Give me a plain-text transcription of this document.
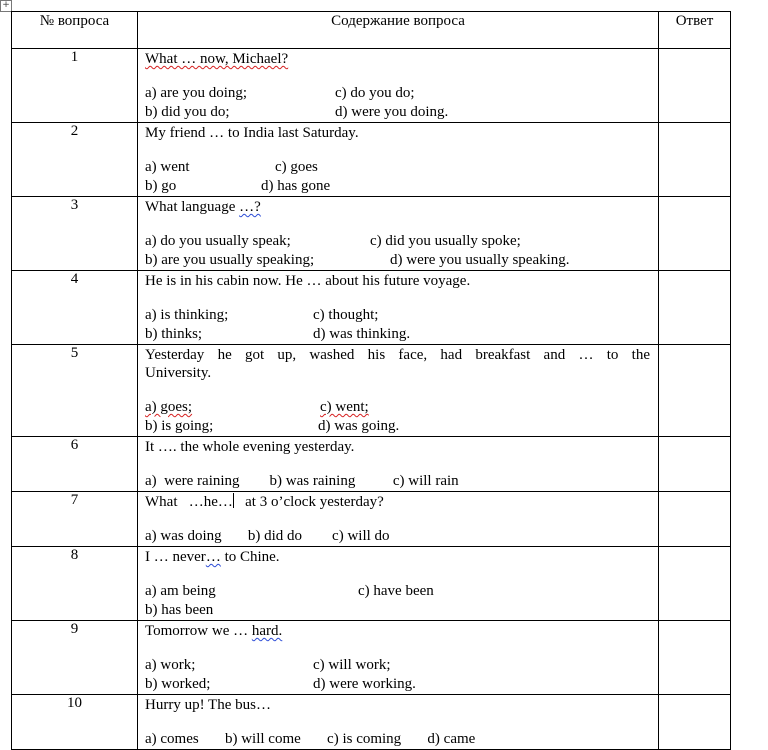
+
№ вопроса	Содержание вопроса	Ответ
1	What … now, Michael?
a) are you doing; c) do you do;
b) did you do; d) were you doing.	

2	My friend … to India last Saturday.
a) went c) goes
b) go d) has gone	

3	What language …?
a) do you usually speak; c) did you usually spoke;
b) are you usually speaking; d) were you usually speaking.	

4	He is in his cabin now. He … about his future voyage.
a) is thinking; c) thought;
b) thinks; d) was thinking.	

5	Yesterday he got up, washed his face, had breakfast and … to the
University.
a) goes; c) went;
b) is going; d) was going.	

6	It …. the whole evening yesterday.
a)  were raining        b) was raining          c) will rain	

7	What   …he…   at 3 o’clock yesterday?
a) was doing       b) did do        c) will do	

8	I … never… to Chine.
a) am being c) have been
b) has been	

9	Tomorrow we … hard.
a) work; c) will work;
b) worked; d) were working.	

10	Hurry up! The bus…
a) comes       b) will come       c) is coming       d) came	
